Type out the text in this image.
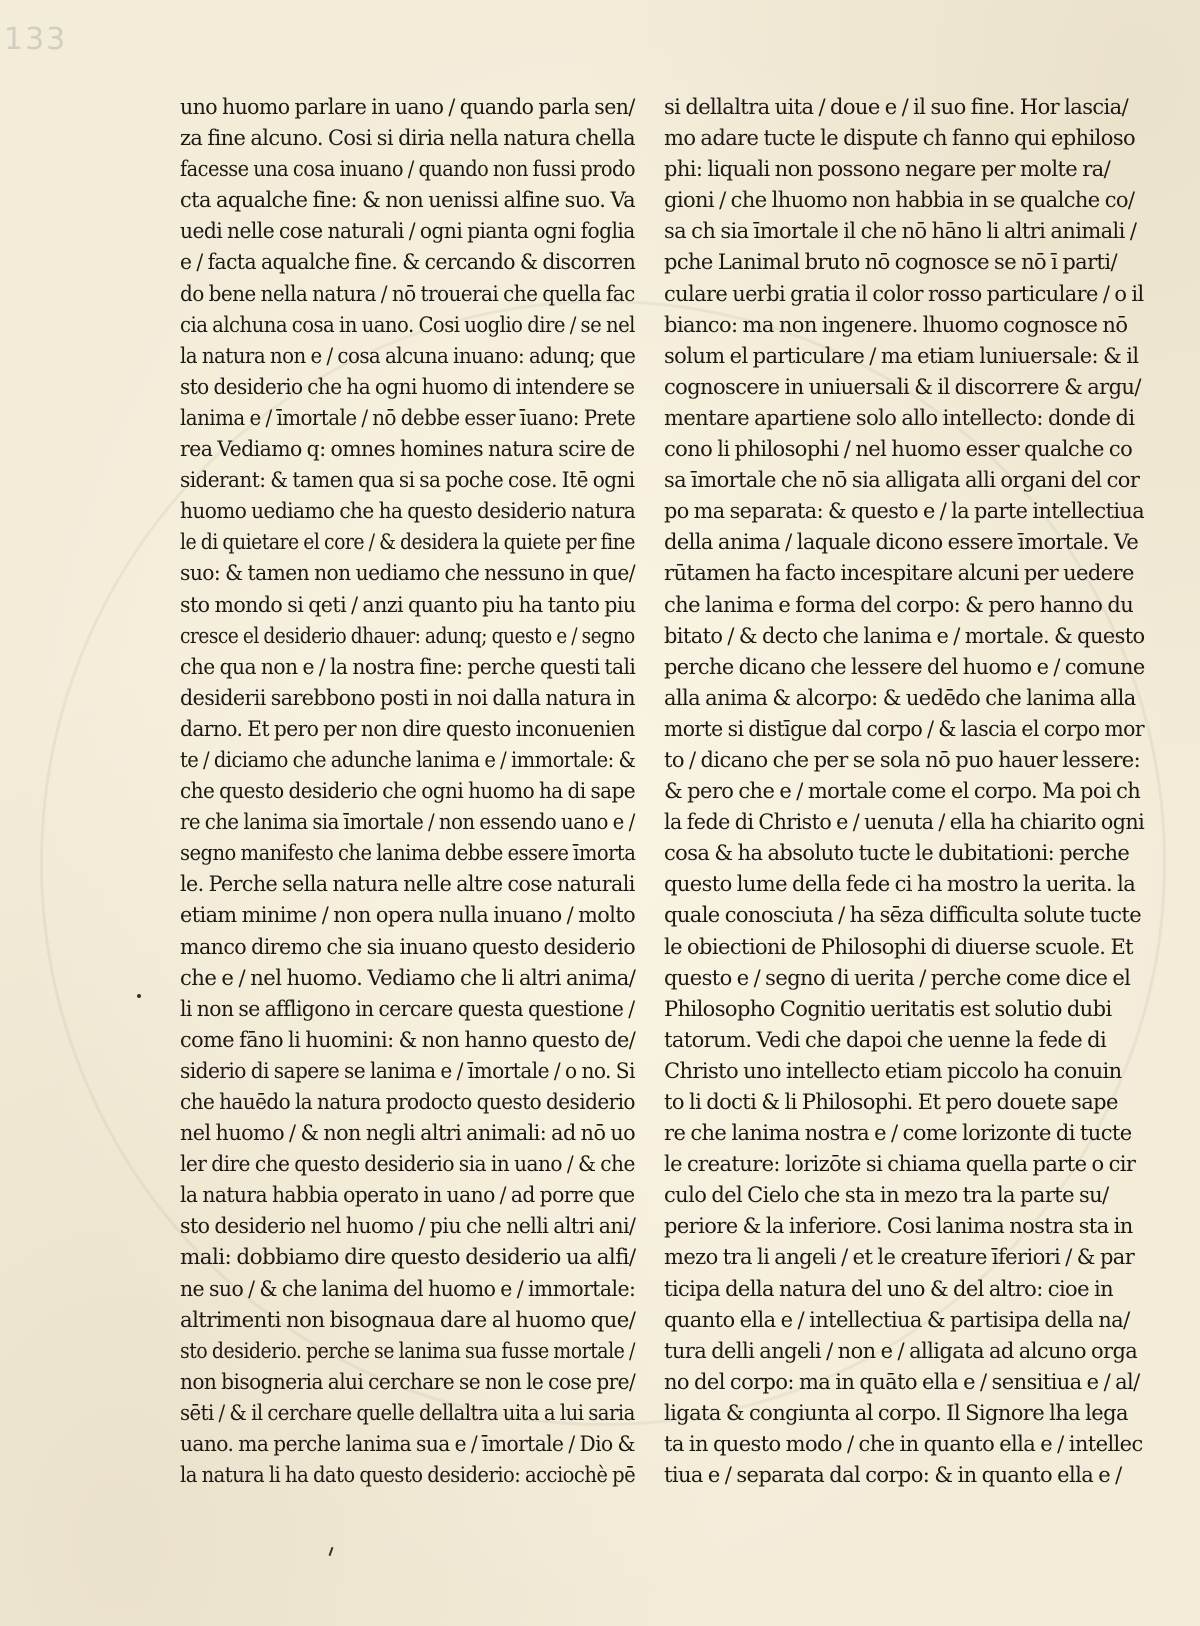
133
uno huomo parlare in uano / quando parla sen/
za fine alcuno. Cosi si diria nella natura chella
facesse una cosa inuano / quando non fussi prodo
cta aqualche fine: & non uenissi alfine suo. Va
uedi nelle cose naturali / ogni pianta ogni foglia
e / facta aqualche fine. & cercando & discorren
do bene nella natura / nō trouerai che quella fac
cia alchuna cosa in uano. Cosi uoglio dire / se nel
la natura non e / cosa alcuna inuano: adunq; que
sto desiderio che ha ogni huomo di intendere se
lanima e / īmortale / nō debbe esser īuano: Prete
rea Vediamo q: omnes homines natura scire de
siderant: & tamen qua si sa poche cose. Itē ogni
huomo uediamo che ha questo desiderio natura
le di quietare el core / & desidera la quiete per fine
suo: & tamen non uediamo che nessuno in que/
sto mondo si qeti / anzi quanto piu ha tanto piu
cresce el desiderio dhauer: adunq; questo e / segno
che qua non e / la nostra fine: perche questi tali
desiderii sarebbono posti in noi dalla natura in
darno. Et pero per non dire questo inconuenien
te / diciamo che adunche lanima e / immortale: &
che questo desiderio che ogni huomo ha di sape
re che lanima sia īmortale / non essendo uano e /
segno manifesto che lanima debbe essere īmorta
le. Perche sella natura nelle altre cose naturali
etiam minime / non opera nulla inuano / molto
manco diremo che sia inuano questo desiderio
che e / nel huomo. Vediamo che li altri anima/
li non se affligono in cercare questa questione /
come fāno li huomini: & non hanno questo de/
siderio di sapere se lanima e / īmortale / o no. Si
che hauēdo la natura prodocto questo desiderio
nel huomo / & non negli altri animali: ad nō uo
ler dire che questo desiderio sia in uano / & che
la natura habbia operato in uano / ad porre que
sto desiderio nel huomo / piu che nelli altri ani/
mali: dobbiamo dire questo desiderio ua alfi/
ne suo / & che lanima del huomo e / immortale:
altrimenti non bisognaua dare al huomo que/
sto desiderio. perche se lanima sua fusse mortale /
non bisogneria alui cerchare se non le cose pre/
sēti / & il cerchare quelle dellaltra uita a lui saria
uano. ma perche lanima sua e / īmortale / Dio &
la natura li ha dato questo desiderio: acciochè pē
si dellaltra uita / doue e / il suo fine. Hor lascia/
mo adare tucte le dispute ch fanno qui ephiloso
phi: liquali non possono negare per molte ra/
gioni / che lhuomo non habbia in se qualche co/
sa ch sia īmortale il che nō hāno li altri animali /
pche Lanimal bruto nō cognosce se nō ī parti/
culare uerbi gratia il color rosso particulare / o il
bianco: ma non ingenere. lhuomo cognosce nō
solum el particulare / ma etiam luniuersale: & il
cognoscere in uniuersali & il discorrere & argu/
mentare apartiene solo allo intellecto: donde di
cono li philosophi / nel huomo esser qualche co
sa īmortale che nō sia alligata alli organi del cor
po ma separata: & questo e / la parte intellectiua
della anima / laquale dicono essere īmortale. Ve
rūtamen ha facto incespitare alcuni per uedere
che lanima e forma del corpo: & pero hanno du
bitato / & decto che lanima e / mortale. & questo
perche dicano che lessere del huomo e / comune
alla anima & alcorpo: & uedēdo che lanima alla
morte si distīgue dal corpo / & lascia el corpo mor
to / dicano che per se sola nō puo hauer lessere:
& pero che e / mortale come el corpo. Ma poi ch
la fede di Christo e / uenuta / ella ha chiarito ogni
cosa & ha absoluto tucte le dubitationi: perche
questo lume della fede ci ha mostro la uerita. la
quale conosciuta / ha sēza difficulta solute tucte
le obiectioni de Philosophi di diuerse scuole. Et
questo e / segno di uerita / perche come dice el
Philosopho Cognitio ueritatis est solutio dubi
tatorum. Vedi che dapoi che uenne la fede di
Christo uno intellecto etiam piccolo ha conuin
to li docti & li Philosophi. Et pero douete sape
re che lanima nostra e / come lorizonte di tucte
le creature: lorizōte si chiama quella parte o cir
culo del Cielo che sta in mezo tra la parte su/
periore & la inferiore. Cosi lanima nostra sta in
mezo tra li angeli / et le creature īferiori / & par
ticipa della natura del uno & del altro: cioe in
quanto ella e / intellectiua & partisipa della na/
tura delli angeli / non e / alligata ad alcuno orga
no del corpo: ma in quāto ella e / sensitiua e / al/
ligata & congiunta al corpo. Il Signore lha lega
ta in questo modo / che in quanto ella e / intellec
tiua e / separata dal corpo: & in quanto ella e /
